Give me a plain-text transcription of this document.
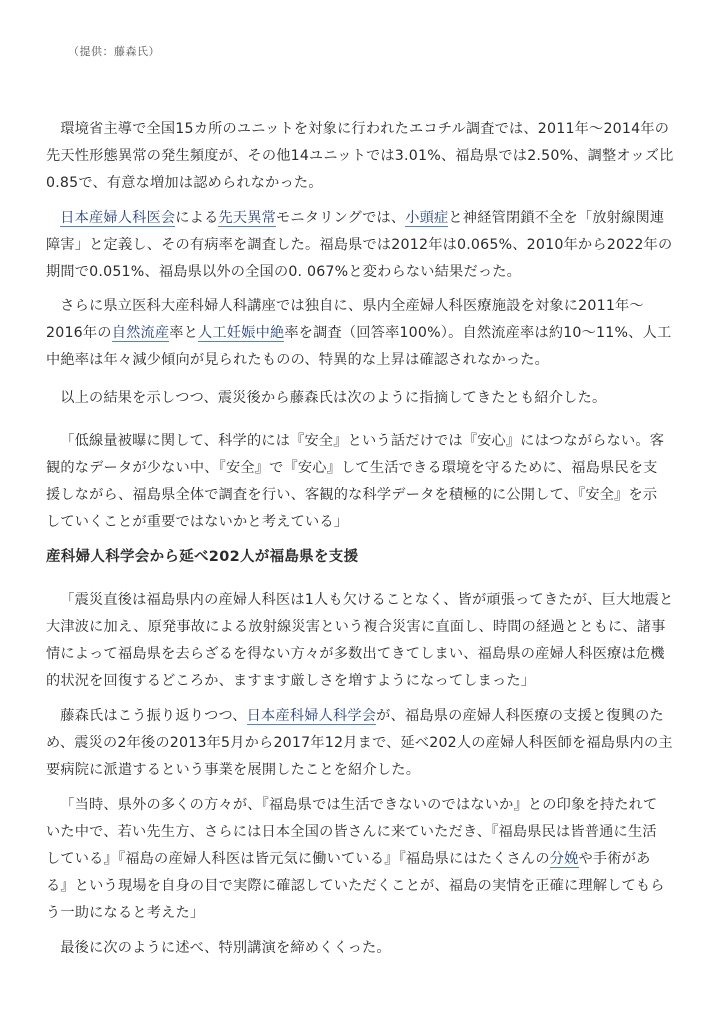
（提供：藤森氏）

環境省主導で全国15カ所のユニットを対象に行われたエコチル調査では、2011年～2014年の
先天性形態異常の発生頻度が、その他14ユニットでは3.01%、福島県では2.50%、調整オッズ比
0.85で、有意な増加は認められなかった。

日本産婦人科医会による先天異常モニタリングでは、小頭症と神経管閉鎖不全を「放射線関連
障害」と定義し、その有病率を調査した。福島県では2012年は0.065%、2010年から2022年の
期間で0.051%、福島県以外の全国の0. 067%と変わらない結果だった。

さらに県立医科大産科婦人科講座では独自に、県内全産婦人科医療施設を対象に2011年～
2016年の自然流産率と人工妊娠中絶率を調査（回答率100%）。自然流産率は約10～11%、人工
中絶率は年々減少傾向が見られたものの、特異的な上昇は確認されなかった。

以上の結果を示しつつ、震災後から藤森氏は次のように指摘してきたとも紹介した。

「低線量被曝に関して、科学的には『安全』という話だけでは『安心』にはつながらない。客
観的なデータが少ない中、『安全』で『安心』して生活できる環境を守るために、福島県民を支
援しながら、福島県全体で調査を行い、客観的な科学データを積極的に公開して、『安全』を示
していくことが重要ではないかと考えている」

産科婦人科学会から延べ202人が福島県を支援

「震災直後は福島県内の産婦人科医は1人も欠けることなく、皆が頑張ってきたが、巨大地震と
大津波に加え、原発事故による放射線災害という複合災害に直面し、時間の経過とともに、諸事
情によって福島県を去らざるを得ない方々が多数出てきてしまい、福島県の産婦人科医療は危機
的状況を回復するどころか、ますます厳しさを増すようになってしまった」

藤森氏はこう振り返りつつ、日本産科婦人科学会が、福島県の産婦人科医療の支援と復興のた
め、震災の2年後の2013年5月から2017年12月まで、延べ202人の産婦人科医師を福島県内の主
要病院に派遣するという事業を展開したことを紹介した。

「当時、県外の多くの方々が、『福島県では生活できないのではないか』との印象を持たれて
いた中で、若い先生方、さらには日本全国の皆さんに来ていただき、『福島県民は皆普通に生活
している』『福島の産婦人科医は皆元気に働いている』『福島県にはたくさんの分娩や手術があ
る』という現場を自身の目で実際に確認していただくことが、福島の実情を正確に理解してもら
う一助になると考えた」

最後に次のように述べ、特別講演を締めくくった。
